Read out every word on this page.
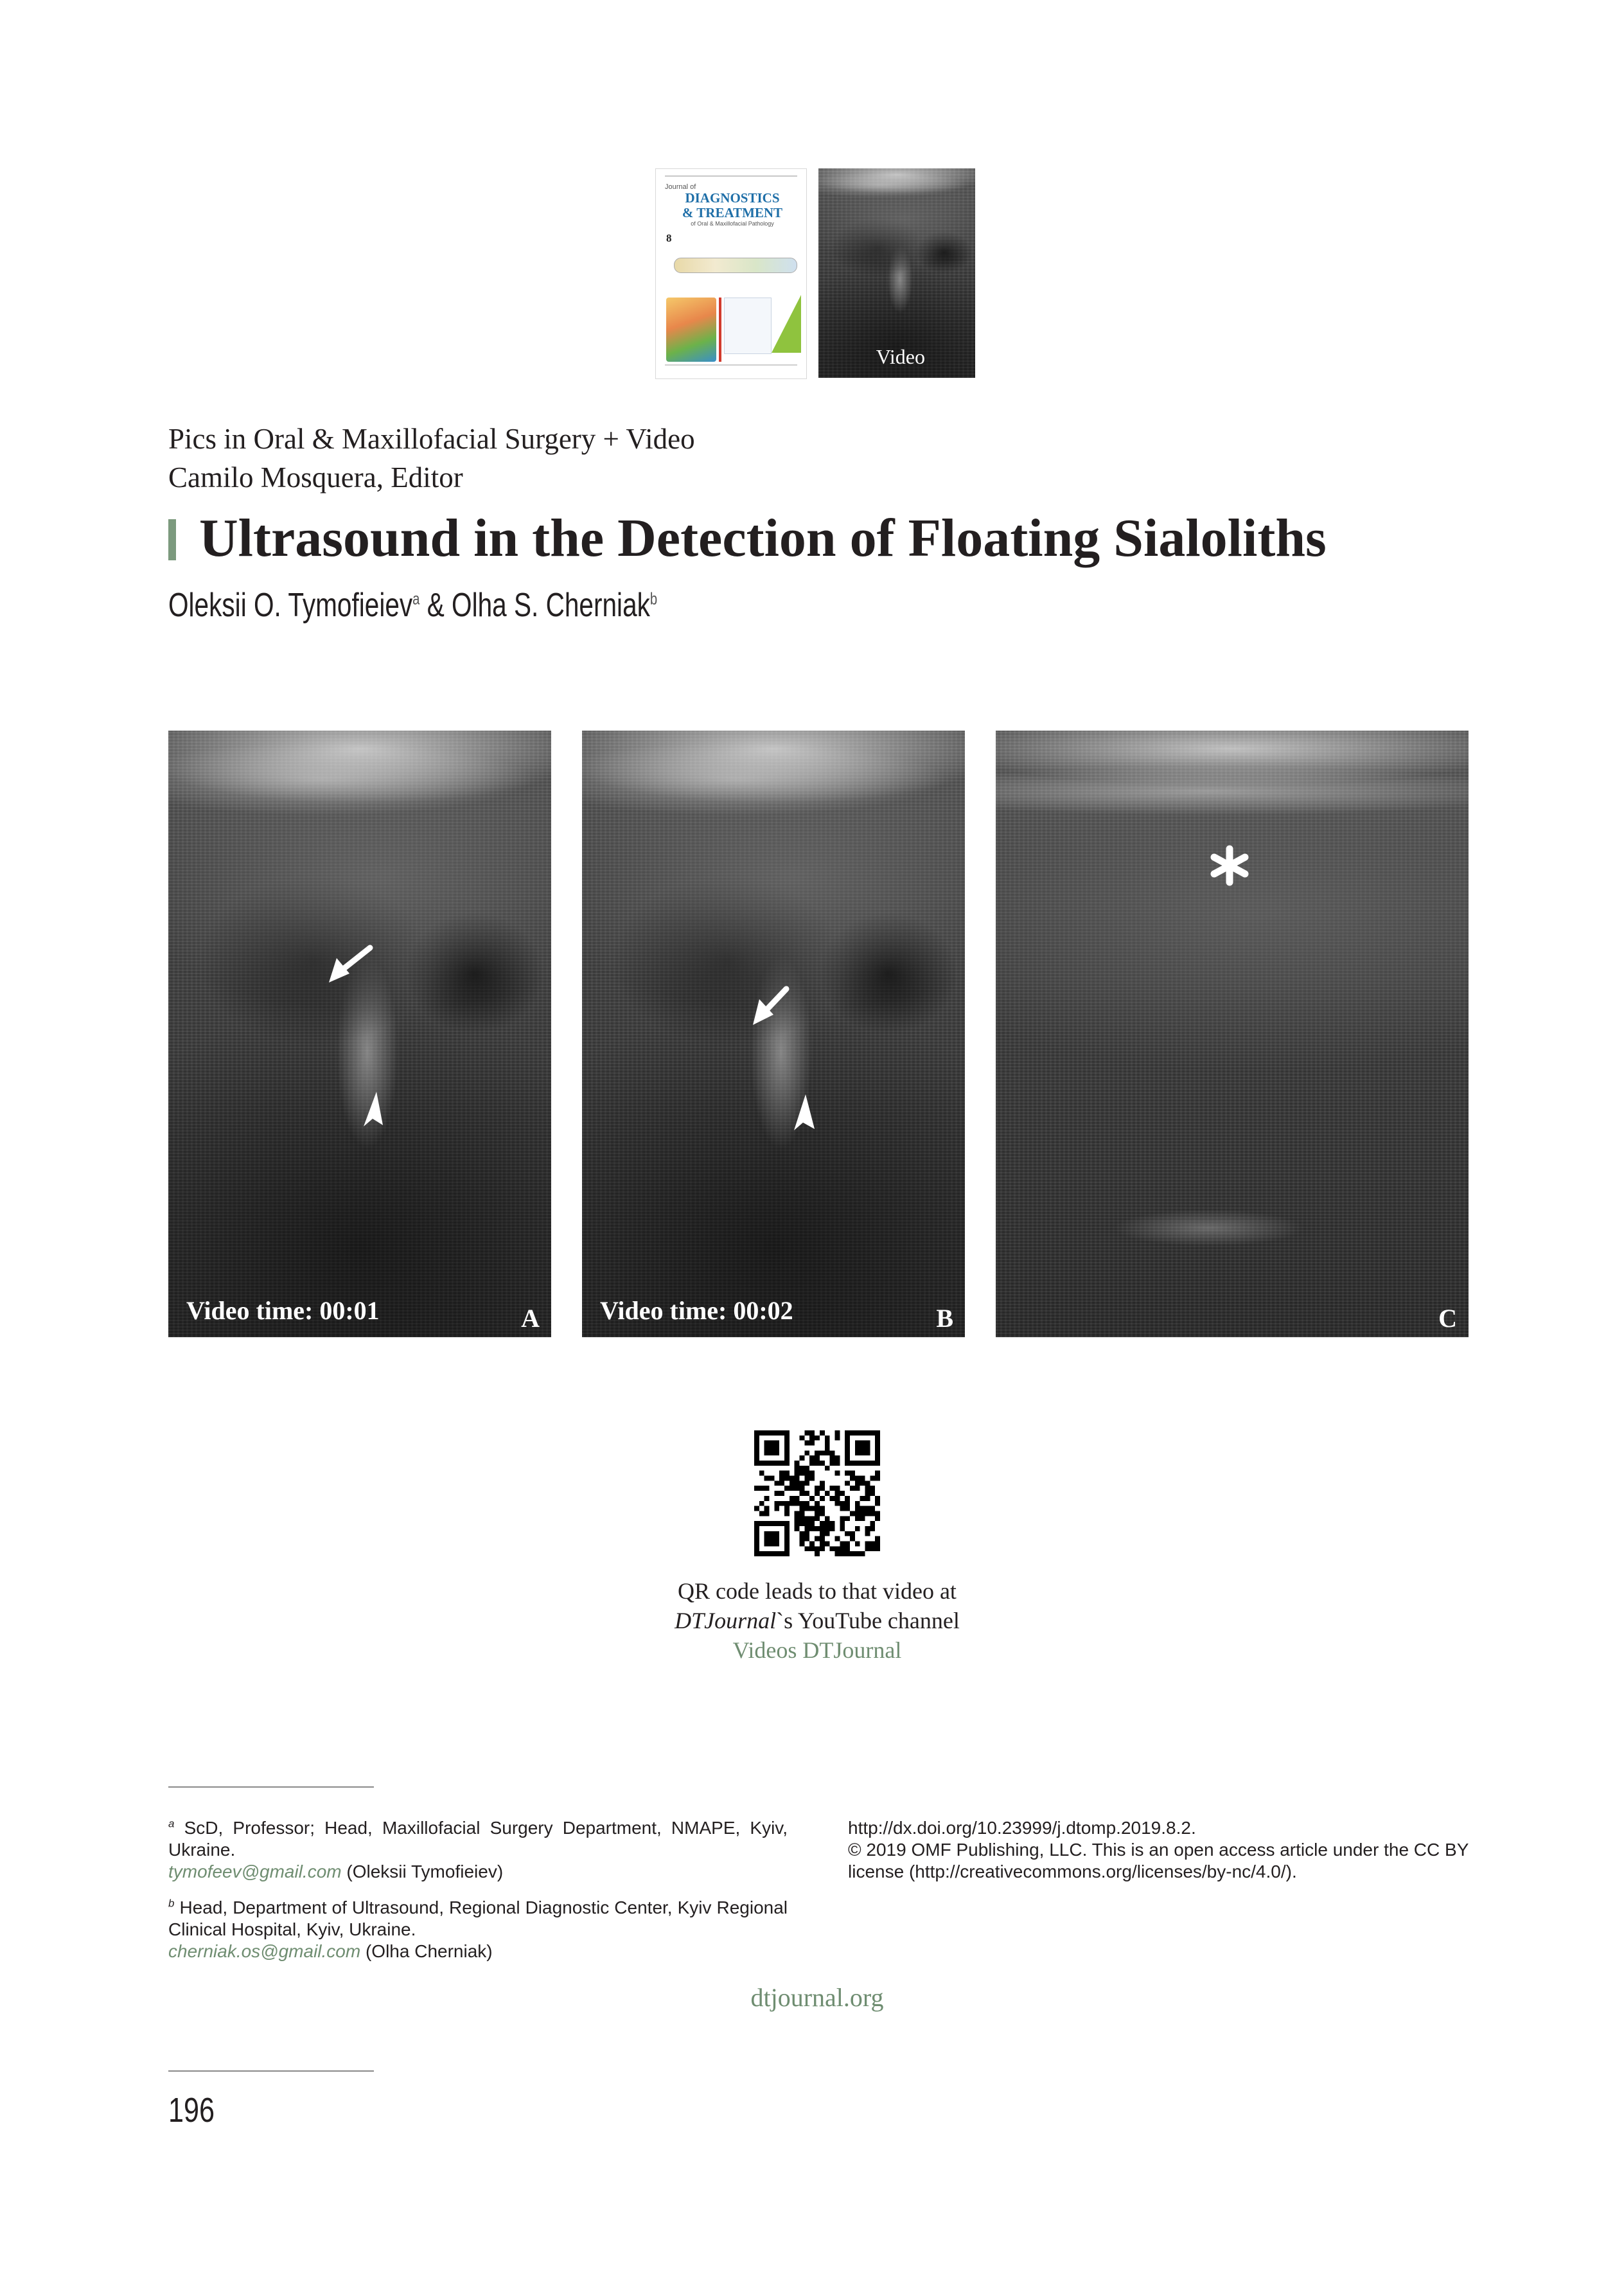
Journal of
DIAGNOSTICS
& TREATMENT
of Oral & Maxillofacial Pathology
8
Video
Pics in Oral & Maxillofacial Surgery + Video
Camilo Mosquera, Editor
Ultrasound in the Detection of Floating Sialoliths
Oleksii O. Tymofieiev$^a$ & Olha S. Cherniak$^b$
Video time: 00:01	A Video time: 00:02	B	C
QR code leads to that video at
DTJournal`s YouTube channel
Videos DTJournal

$^a$ ScD, Professor; Head, Maxillofacial Surgery Department, NMAPE, Kyiv, Ukraine.
tymofeev@gmail.com (Oleksii Tymofieiev)

$^b$ Head, Department of Ultrasound, Regional Diagnostic Center, Kyiv Regional Clinical Hospital, Kyiv, Ukraine.
cherniak.os@gmail.com (Olha Cherniak)

http://dx.doi.org/10.23999/j.dtomp.2019.8.2.

© 2019 OMF Publishing, LLC. This is an open access article under the CC BY license (http://creativecommons.org/licenses/by-nc/4.0/).

dtjournal.org
196
